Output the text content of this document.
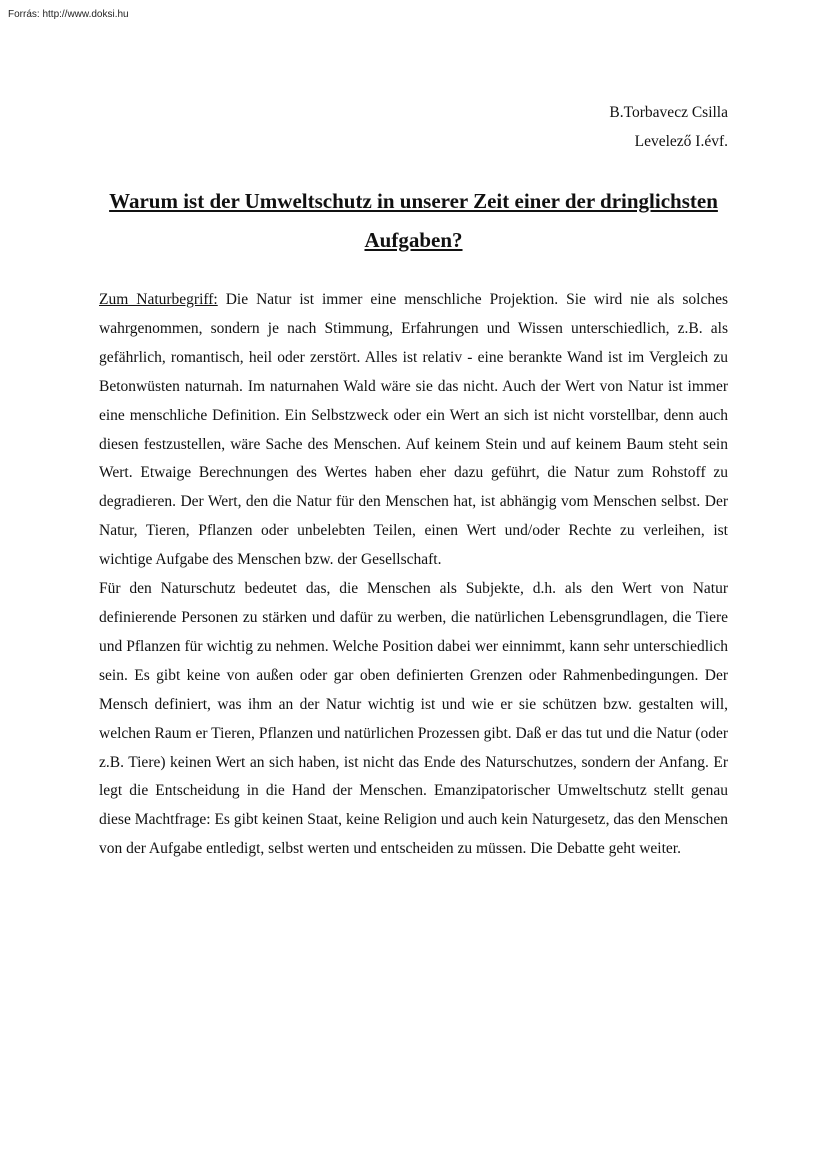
Forrás: http://www.doksi.hu
B.Torbavecz Csilla
Levelező I.évf.
Warum ist der Umweltschutz in unserer Zeit einer der dringlichsten Aufgaben?

Zum Naturbegriff: Die Natur ist immer eine menschliche Projektion. Sie wird nie als solches wahrgenommen, sondern je nach Stimmung, Erfahrungen und Wissen unterschiedlich, z.B. als gefährlich, romantisch, heil oder zerstört. Alles ist relativ - eine berankte Wand ist im Vergleich zu Betonwüsten naturnah. Im naturnahen Wald wäre sie das nicht. Auch der Wert von Natur ist immer eine menschliche Definition. Ein Selbstzweck oder ein Wert an sich ist nicht vorstellbar, denn auch diesen festzustellen, wäre Sache des Menschen. Auf keinem Stein und auf keinem Baum steht sein Wert. Etwaige Berechnungen des Wertes haben eher dazu geführt, die Natur zum Rohstoff zu degradieren. Der Wert, den die Natur für den Menschen hat, ist abhängig vom Menschen selbst. Der Natur, Tieren, Pflanzen oder unbelebten Teilen, einen Wert und/oder Rechte zu verleihen, ist wichtige Aufgabe des Menschen bzw. der Gesellschaft.

Für den Naturschutz bedeutet das, die Menschen als Subjekte, d.h. als den Wert von Natur definierende Personen zu stärken und dafür zu werben, die natürlichen Lebensgrundlagen, die Tiere und Pflanzen für wichtig zu nehmen. Welche Position dabei wer einnimmt, kann sehr unterschiedlich sein. Es gibt keine von außen oder gar oben definierten Grenzen oder Rahmenbedingungen. Der Mensch definiert, was ihm an der Natur wichtig ist und wie er sie schützen bzw. gestalten will, welchen Raum er Tieren, Pflanzen und natürlichen Prozessen gibt. Daß er das tut und die Natur (oder z.B. Tiere) keinen Wert an sich haben, ist nicht das Ende des Naturschutzes, sondern der Anfang. Er legt die Entscheidung in die Hand der Menschen. Emanzipatorischer Umweltschutz stellt genau diese Machtfrage: Es gibt keinen Staat, keine Religion und auch kein Naturgesetz, das den Menschen von der Aufgabe entledigt, selbst werten und entscheiden zu müssen. Die Debatte geht weiter.
